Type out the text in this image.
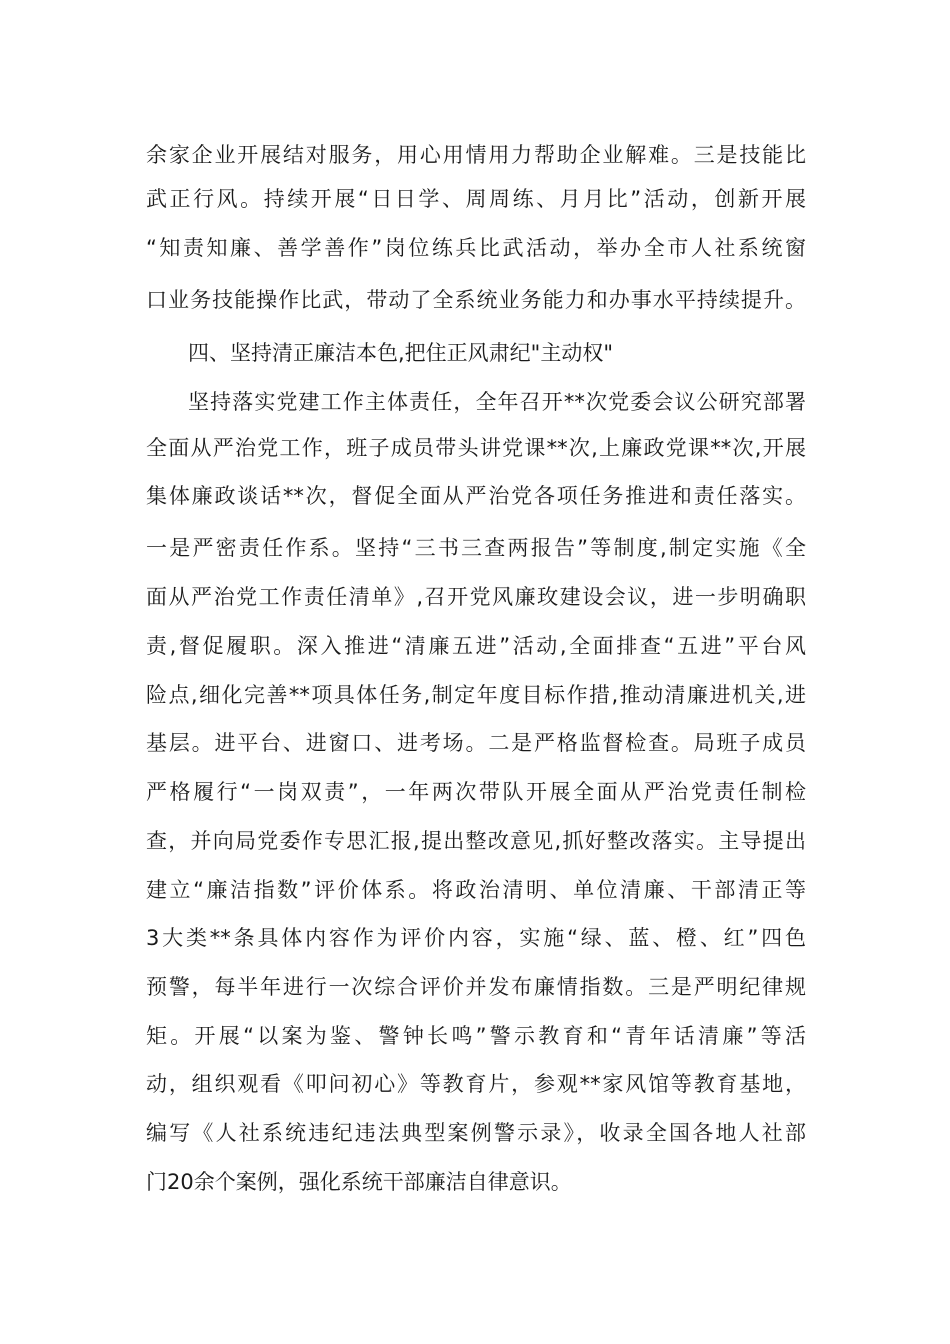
余家企业开展结对服务，用心用情用力帮助企业解难。三是技能比
武正行风。持续开展“日日学、周周练、月月比”活动，创新开展
“知责知廉、善学善作”岗位练兵比武活动，举办全市人社系统窗
口业务技能操作比武，带动了全系统业务能力和办事水平持续提升。
四、坚持清正廉洁本色,把住正风肃纪"主动权"
坚持落实党建工作主体责任，全年召开**次党委会议公研究部署
全面从严治党工作，班子成员带头讲党课**次,上廉政党课**次,开展
集体廉政谈话**次，督促全面从严治党各项任务推进和责任落实。
一是严密责任作系。坚持“三书三查两报告”等制度,制定实施《全
面从严治党工作责任清单》,召开党风廉玫建设会议，进一步明确职
责,督促履职。深入推进“清廉五进”活动,全面排查“五进”平台风
险点,细化完善**项具体任务,制定年度目标作措,推动清廉进机关,进
基层。进平台、进窗口、进考场。二是严格监督检查。局班子成员
严格履行“一岗双责”，一年两次带队开展全面从严治党责任制检
查，并向局党委作专思汇报,提出整改意见,抓好整改落实。主导提出
建立“廉洁指数”评价体系。将政治清明、单位清廉、干部清正等
3大类**条具体内容作为评价内容，实施“绿、蓝、橙、红”四色
预警，每半年进行一次综合评价并发布廉情指数。三是严明纪律规
矩。开展“以案为鉴、警钟长鸣”警示教育和“青年话清廉”等活
动，组织观看《叩问初心》等教育片，参观**家风馆等教育基地，
编写《人社系统违纪违法典型案例警示录》，收录全国各地人社部
门20余个案例，强化系统干部廉洁自律意识。
